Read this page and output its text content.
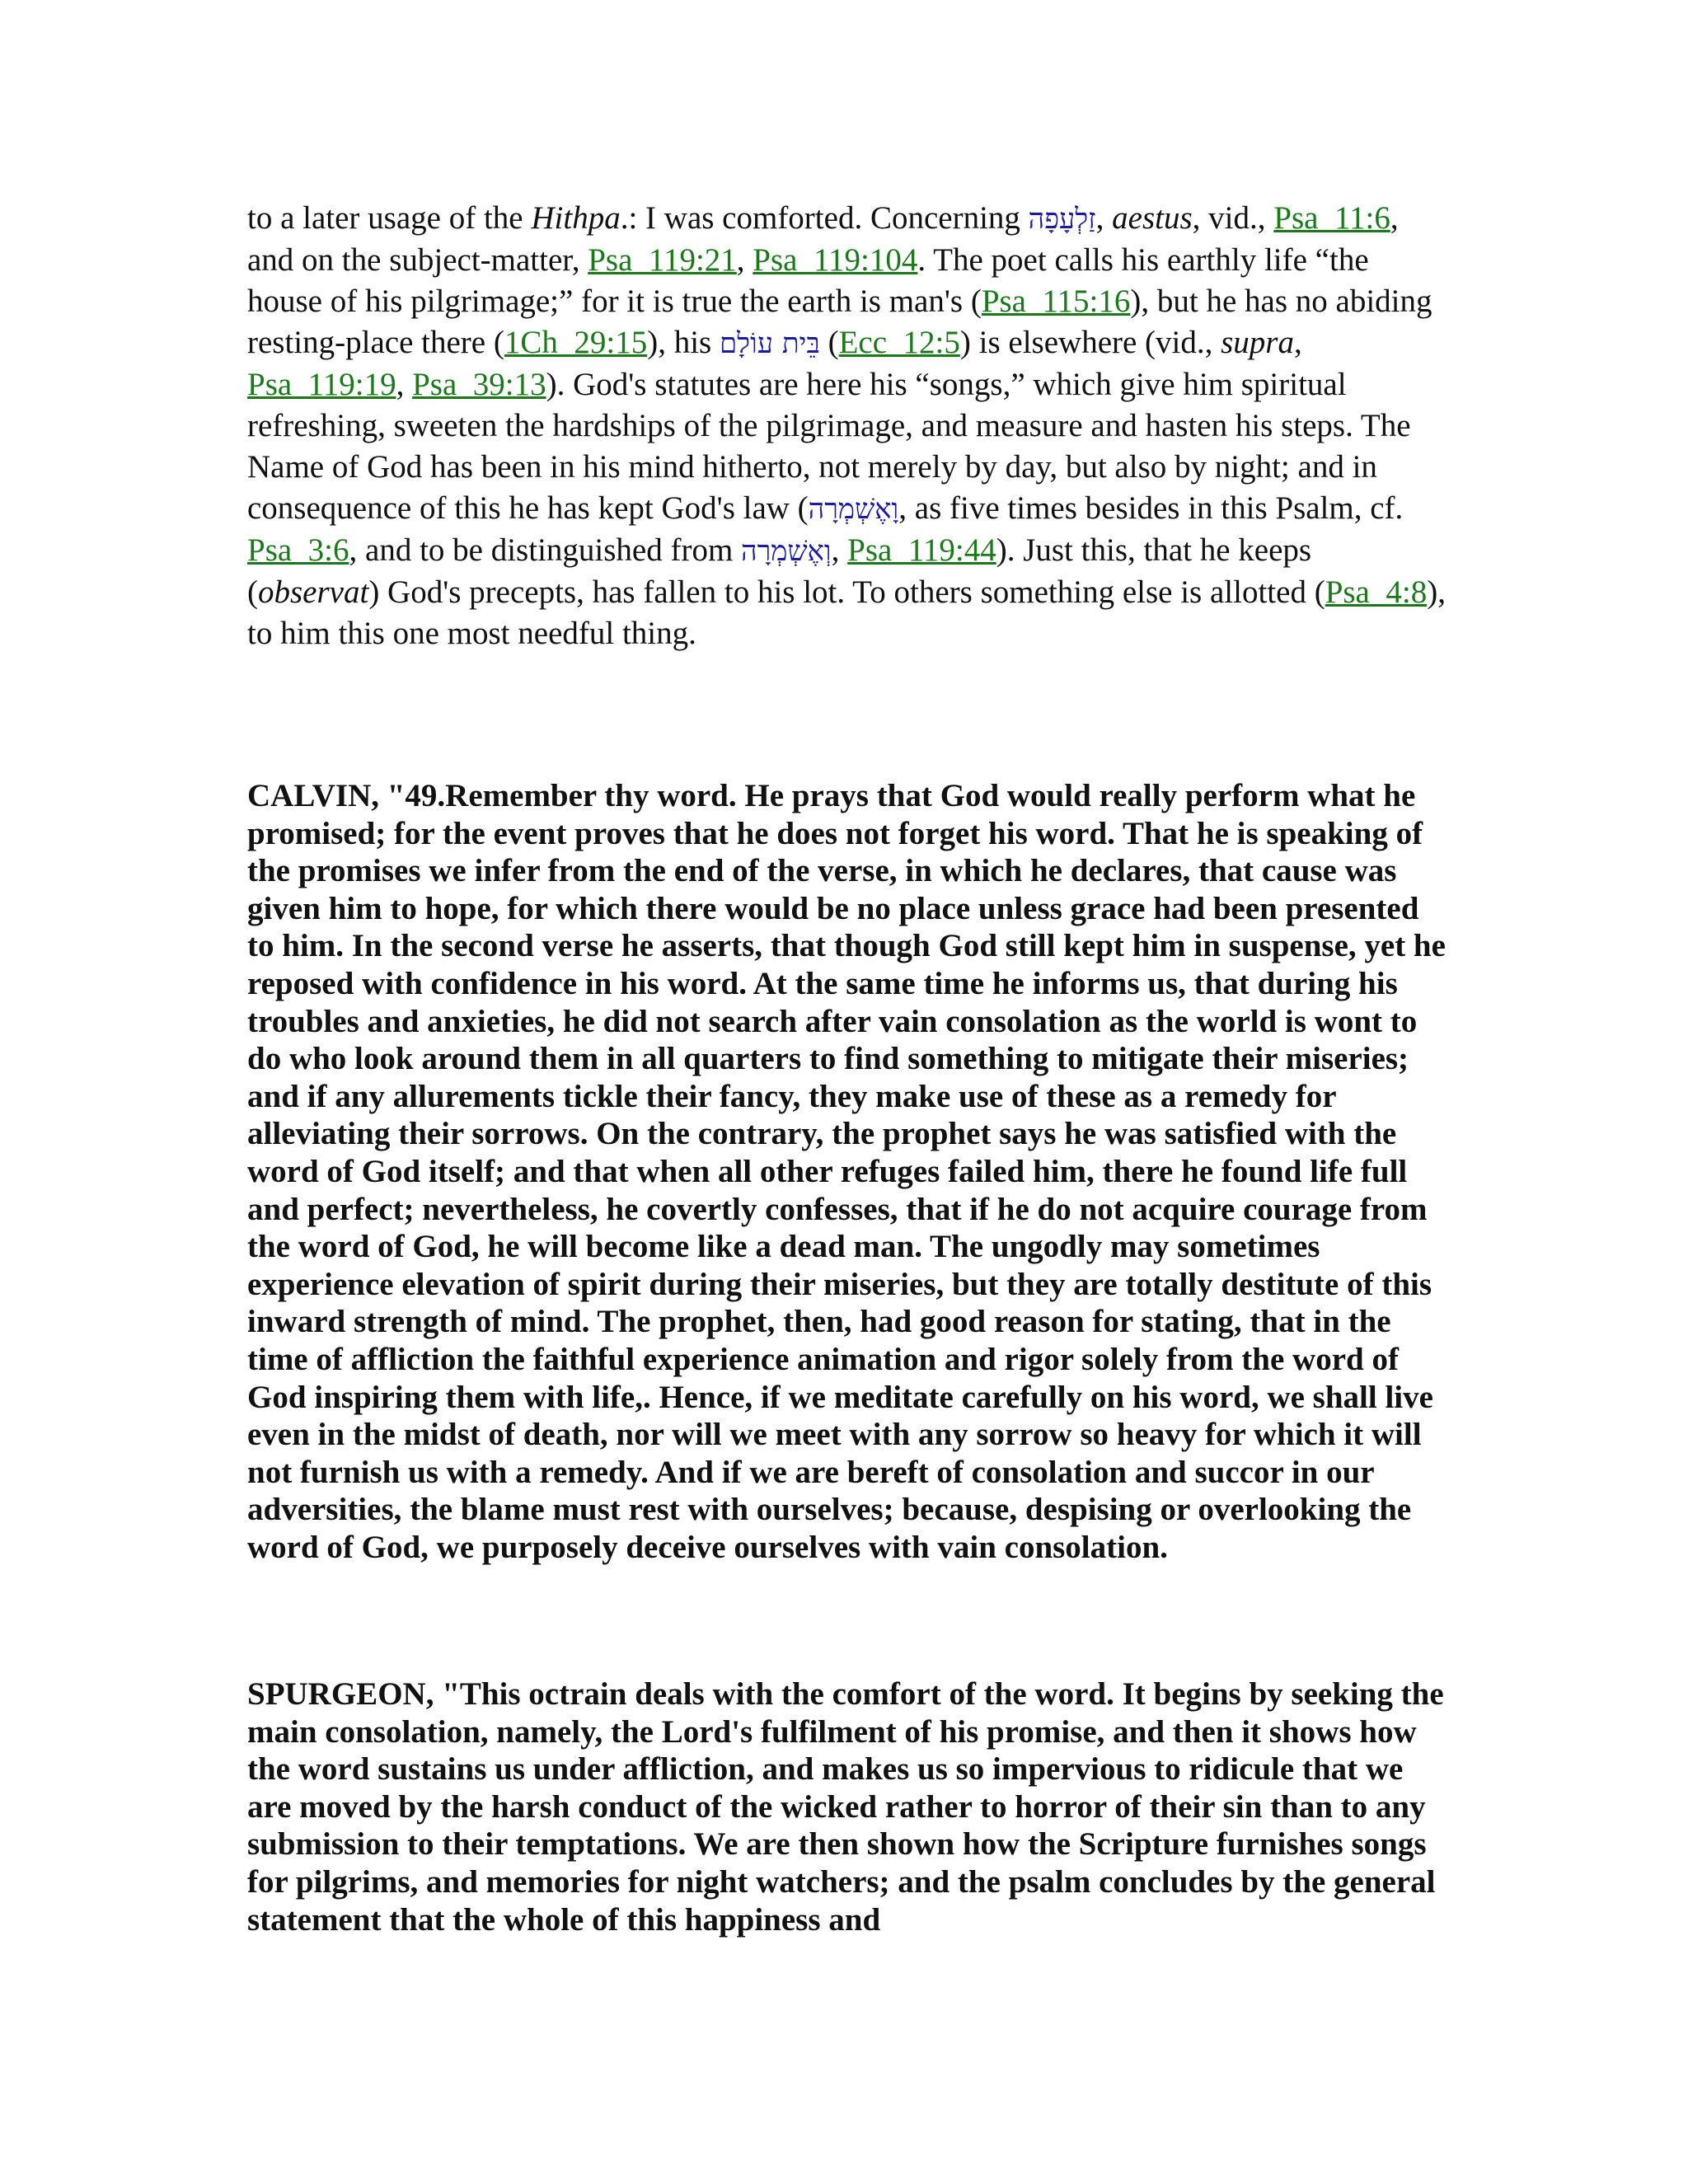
to a later usage of the Hithpa.: I was comforted. Concerning זַלְעָפָה, aestus, vid., Psa_11:6, and on the subject-matter, Psa_119:21, Psa_119:104. The poet calls his earthly life “the house of his pilgrimage;” for it is true the earth is man's (Psa_115:16), but he has no abiding resting-place there (1Ch_29:15), his בֵּית עוֹלָם (Ecc_12:5) is elsewhere (vid., supra, Psa_119:19, Psa_39:13). God's statutes are here his “songs,” which give him spiritual refreshing, sweeten the hardships of the pilgrimage, and measure and hasten his steps. The Name of God has been in his mind hitherto, not merely by day, but also by night; and in consequence of this he has kept God's law (וָאֶשְׁמְרָה, as five times besides in this Psalm, cf. Psa_3:6, and to be distinguished from וְאֶשְׁמְרָה, Psa_119:44). Just this, that he keeps (observat) God's precepts, has fallen to his lot. To others something else is allotted (Psa_4:8), to him this one most needful thing.

CALVIN, "49.Remember thy word. He prays that God would really perform what he promised; for the event proves that he does not forget his word. That he is speaking of the promises we infer from the end of the verse, in which he declares, that cause was given him to hope, for which there would be no place unless grace had been presented to him. In the second verse he asserts, that though God still kept him in suspense, yet he reposed with confidence in his word. At the same time he informs us, that during his troubles and anxieties, he did not search after vain consolation as the world is wont to do who look around them in all quarters to find something to mitigate their miseries; and if any allurements tickle their fancy, they make use of these as a remedy for alleviating their sorrows. On the contrary, the prophet says he was satisfied with the word of God itself; and that when all other refuges failed him, there he found life full and perfect; nevertheless, he covertly confesses, that if he do not acquire courage from the word of God, he will become like a dead man. The ungodly may sometimes experience elevation of spirit during their miseries, but they are totally destitute of this inward strength of mind. The prophet, then, had good reason for stating, that in the time of affliction the faithful experience animation and rigor solely from the word of God inspiring them with life,. Hence, if we meditate carefully on his word, we shall live even in the midst of death, nor will we meet with any sorrow so heavy for which it will not furnish us with a remedy. And if we are bereft of consolation and succor in our adversities, the blame must rest with ourselves; because, despising or overlooking the word of God, we purposely deceive ourselves with vain consolation.

SPURGEON, "This octrain deals with the comfort of the word. It begins by seeking the main consolation, namely, the Lord's fulfilment of his promise, and then it shows how the word sustains us under affliction, and makes us so impervious to ridicule that we are moved by the harsh conduct of the wicked rather to horror of their sin than to any submission to their temptations. We are then shown how the Scripture furnishes songs for pilgrims, and memories for night watchers; and the psalm concludes by the general statement that the whole of this happiness and
